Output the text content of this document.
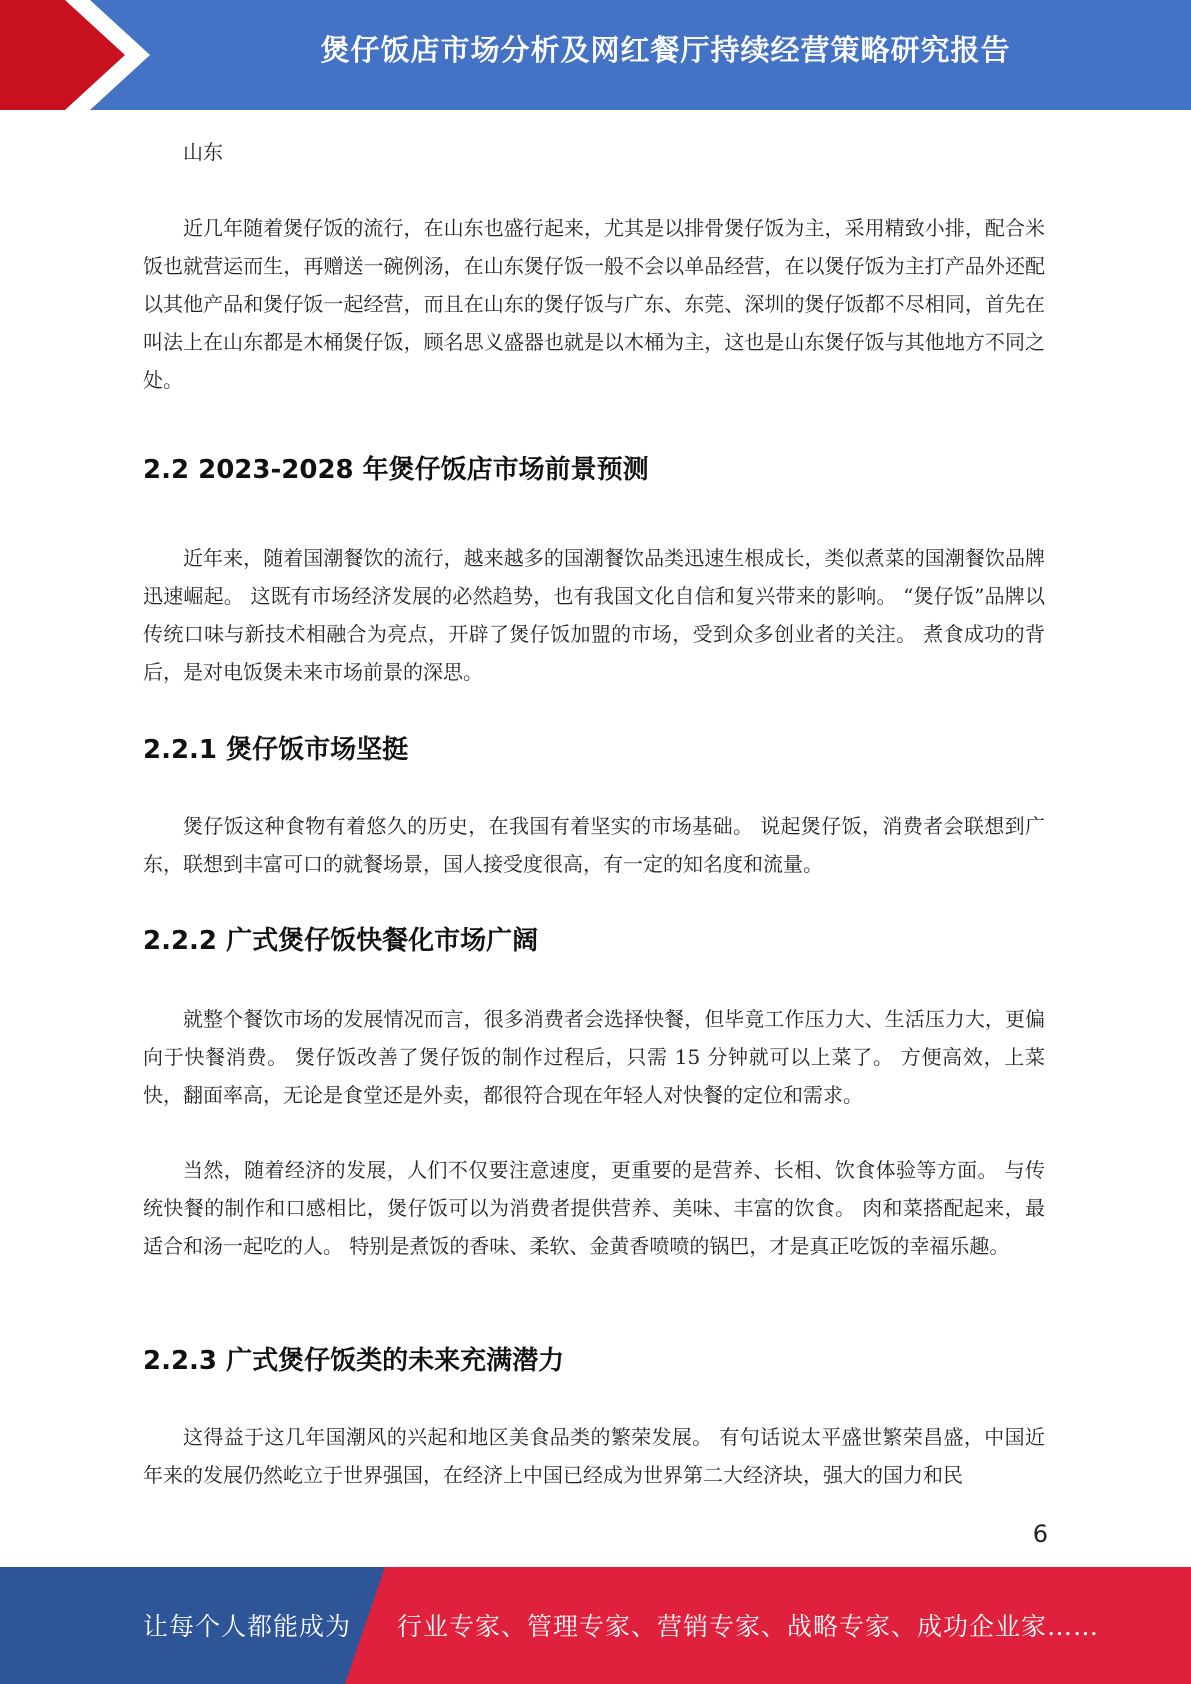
煲仔饭店市场分析及网红餐厅持续经营策略研究报告

山东

近几年随着煲仔饭的流行，在山东也盛行起来，尤其是以排骨煲仔饭为主，采用精致小排，配合米饭也就营运而生，再赠送一碗例汤，在山东煲仔饭一般不会以单品经营，在以煲仔饭为主打产品外还配以其他产品和煲仔饭一起经营，而且在山东的煲仔饭与广东、东莞、深圳的煲仔饭都不尽相同，首先在叫法上在山东都是木桶煲仔饭，顾名思义盛器也就是以木桶为主，这也是山东煲仔饭与其他地方不同之处。

2.2 2023-2028 年煲仔饭店市场前景预测

近年来，随着国潮餐饮的流行，越来越多的国潮餐饮品类迅速生根成长，类似煮菜的国潮餐饮品牌迅速崛起。 这既有市场经济发展的必然趋势，也有我国文化自信和复兴带来的影响。 “煲仔饭”品牌以传统口味与新技术相融合为亮点，开辟了煲仔饭加盟的市场，受到众多创业者的关注。 煮食成功的背后，是对电饭煲未来市场前景的深思。

2.2.1 煲仔饭市场坚挺

煲仔饭这种食物有着悠久的历史，在我国有着坚实的市场基础。 说起煲仔饭，消费者会联想到广东，联想到丰富可口的就餐场景，国人接受度很高，有一定的知名度和流量。

2.2.2 广式煲仔饭快餐化市场广阔

就整个餐饮市场的发展情况而言，很多消费者会选择快餐，但毕竟工作压力大、生活压力大，更偏向于快餐消费。 煲仔饭改善了煲仔饭的制作过程后，只需 15 分钟就可以上菜了。 方便高效，上菜快，翻面率高，无论是食堂还是外卖，都很符合现在年轻人对快餐的定位和需求。

当然，随着经济的发展，人们不仅要注意速度，更重要的是营养、长相、饮食体验等方面。 与传统快餐的制作和口感相比，煲仔饭可以为消费者提供营养、美味、丰富的饮食。 肉和菜搭配起来，最适合和汤一起吃的人。 特别是煮饭的香味、柔软、金黄香喷喷的锅巴，才是真正吃饭的幸福乐趣。

2.2.3 广式煲仔饭类的未来充满潜力

这得益于这几年国潮风的兴起和地区美食品类的繁荣发展。 有句话说太平盛世繁荣昌盛，中国近年来的发展仍然屹立于世界强国，在经济上中国已经成为世界第二大经济块，强大的国力和民

6
让每个人都能成为 行业专家、管理专家、营销专家、战略专家、成功企业家……
